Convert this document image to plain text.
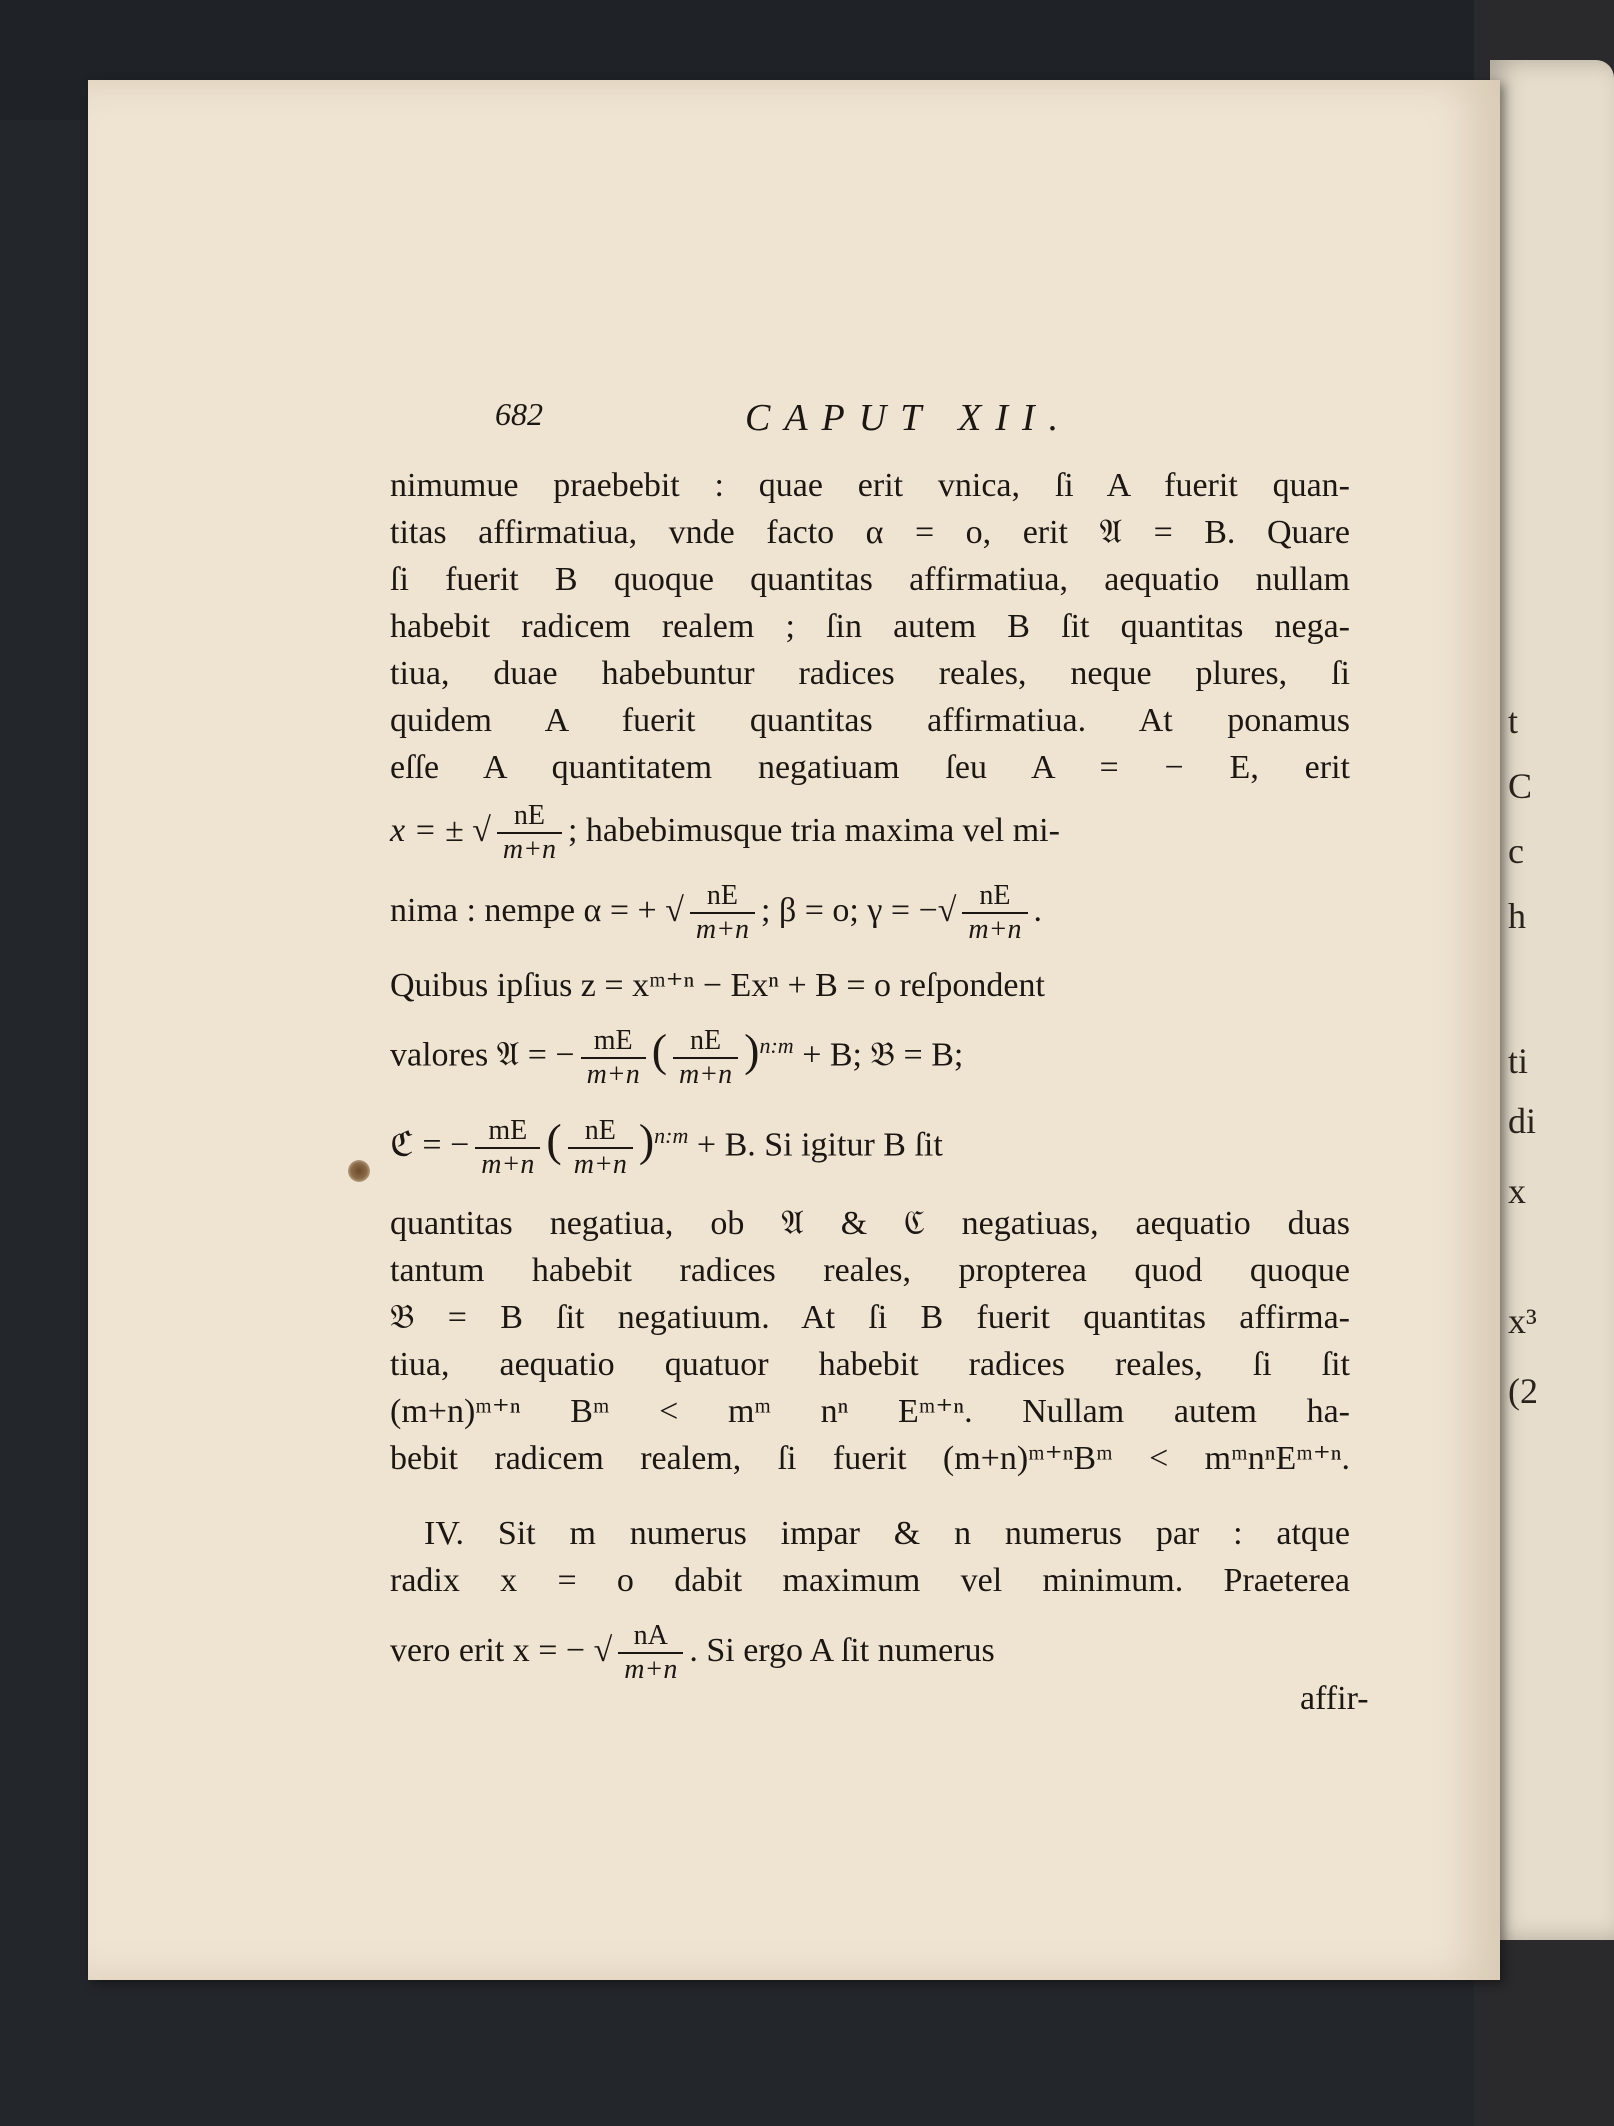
t
C
c
h
ti
di
x
x³
(2
682	CAPUT XII.
nimumue praebebit : quae erit vnica, ſi A fuerit quan-
titas affirmatiua, vnde facto α = o, erit 𝔄 = B. Quare
ſi fuerit B quoque quantitas affirmatiua, aequatio nullam
habebit radicem realem ; ſin autem B ſit quantitas nega-
tiua, duae habebuntur radices reales, neque plures, ſi
quidem A fuerit quantitas affirmatiua. At ponamus
eſſe A quantitatem negatiuam ſeu A = − E, erit
x = ± √ $\frac{nE}{m+n}$ ; habebimusque tria maxima vel mi-
nima : nempe α = + √ $\frac{nE}{m+n}$ ; β = o; γ = −√ $\frac{nE}{m+n}$ .
Quibus ipſius z = xᵐ⁺ⁿ − Exⁿ + B = o reſpondent
valores 𝔄 = − $\frac{mE}{m+n}$ ( $\frac{nE}{m+n} )^{n:m} + B$; 𝔅 = B;
ℭ = − $\frac{mE}{m+n}$ ( $\frac{nE}{m+n} )^{n:m} + B$. Si igitur B ſit
quantitas negatiua, ob 𝔄 & ℭ negatiuas, aequatio duas
tantum habebit radices reales, propterea quod quoque
𝔅 = B ſit negatiuum. At ſi B fuerit quantitas affirma-
tiua, aequatio quatuor habebit radices reales, ſi ſit
(m+n)ᵐ⁺ⁿ Bᵐ < mᵐ nⁿ Eᵐ⁺ⁿ. Nullam autem ha-
bebit radicem realem, ſi fuerit (m+n)ᵐ⁺ⁿBᵐ < mᵐnⁿEᵐ⁺ⁿ.
IV. Sit m numerus impar & n numerus par : atque
radix x = o dabit maximum vel minimum. Praeterea
vero erit x = − √ $\frac{nA}{m+n}$ . Si ergo A ſit numerus
affir-
